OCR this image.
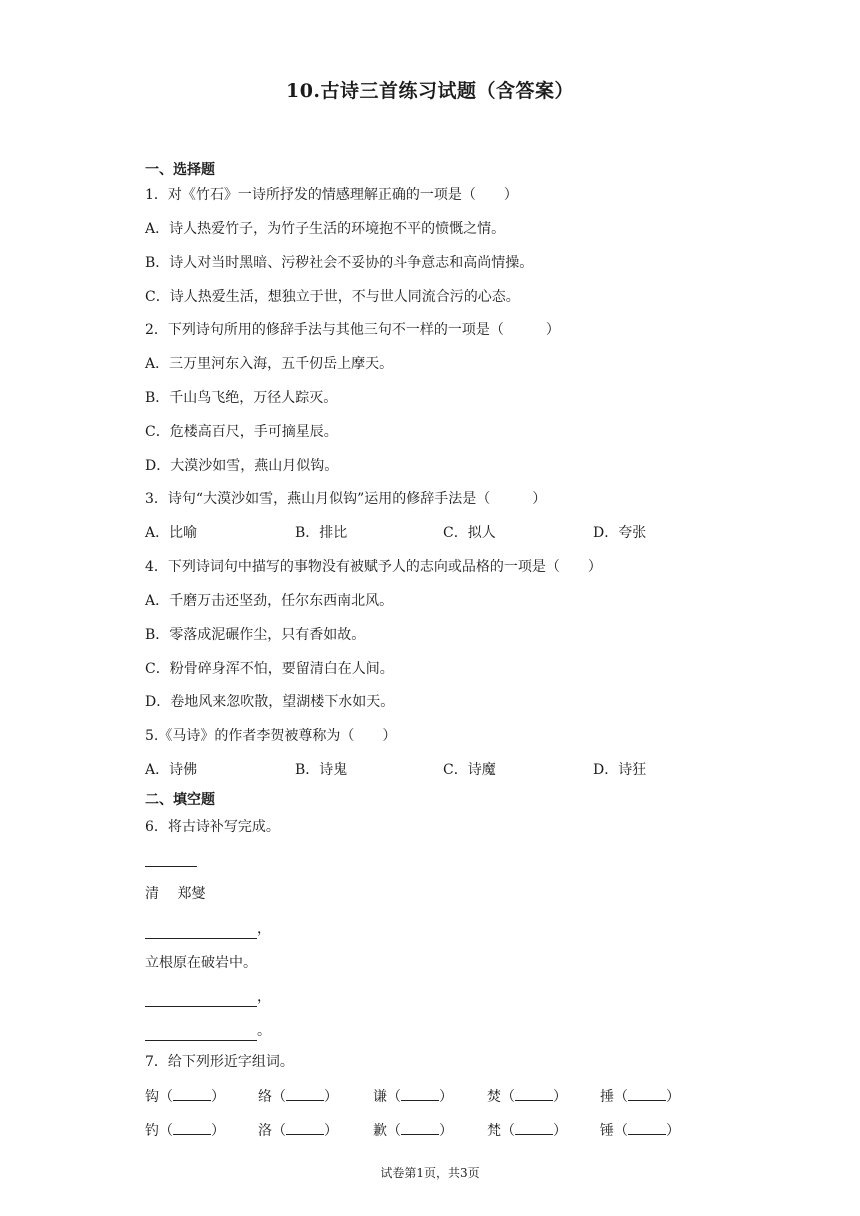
10.古诗三首练习试题（含答案）
一、选择题
1．对《竹石》一诗所抒发的情感理解正确的一项是（　　）
A．诗人热爱竹子，为竹子生活的环境抱不平的愤慨之情。
B．诗人对当时黑暗、污秽社会不妥协的斗争意志和高尚情操。
C．诗人热爱生活，想独立于世，不与世人同流合污的心态。
2．下列诗句所用的修辞手法与其他三句不一样的一项是（　　　）
A．三万里河东入海，五千仞岳上摩天。
B．千山鸟飞绝，万径人踪灭。
C．危楼高百尺，手可摘星辰。
D．大漠沙如雪，燕山月似钩。
3．诗句“大漠沙如雪，燕山月似钩”运用的修辞手法是（　　　）
A．比喻	B．排比	C．拟人	D．夸张
4．下列诗词句中描写的事物没有被赋予人的志向或品格的一项是（　　）
A．千磨万击还坚劲，任尔东西南北风。
B．零落成泥碾作尘，只有香如故。
C．粉骨碎身浑不怕，要留清白在人间。
D．卷地风来忽吹散，望湖楼下水如天。
5.《马诗》的作者李贺被尊称为（　　）
A．诗佛	B．诗鬼	C．诗魔	D．诗狂
二、填空题
6．将古诗补写完成。
清　 郑燮
，
立根原在破岩中。
，
。
7．给下列形近字组词。
钩（	） 络（	）	谦（	） 焚（	） 捶（	）
钓（	） 洛（	）	歉（	） 梵（	） 锤（	）
试卷第1页，共3页
